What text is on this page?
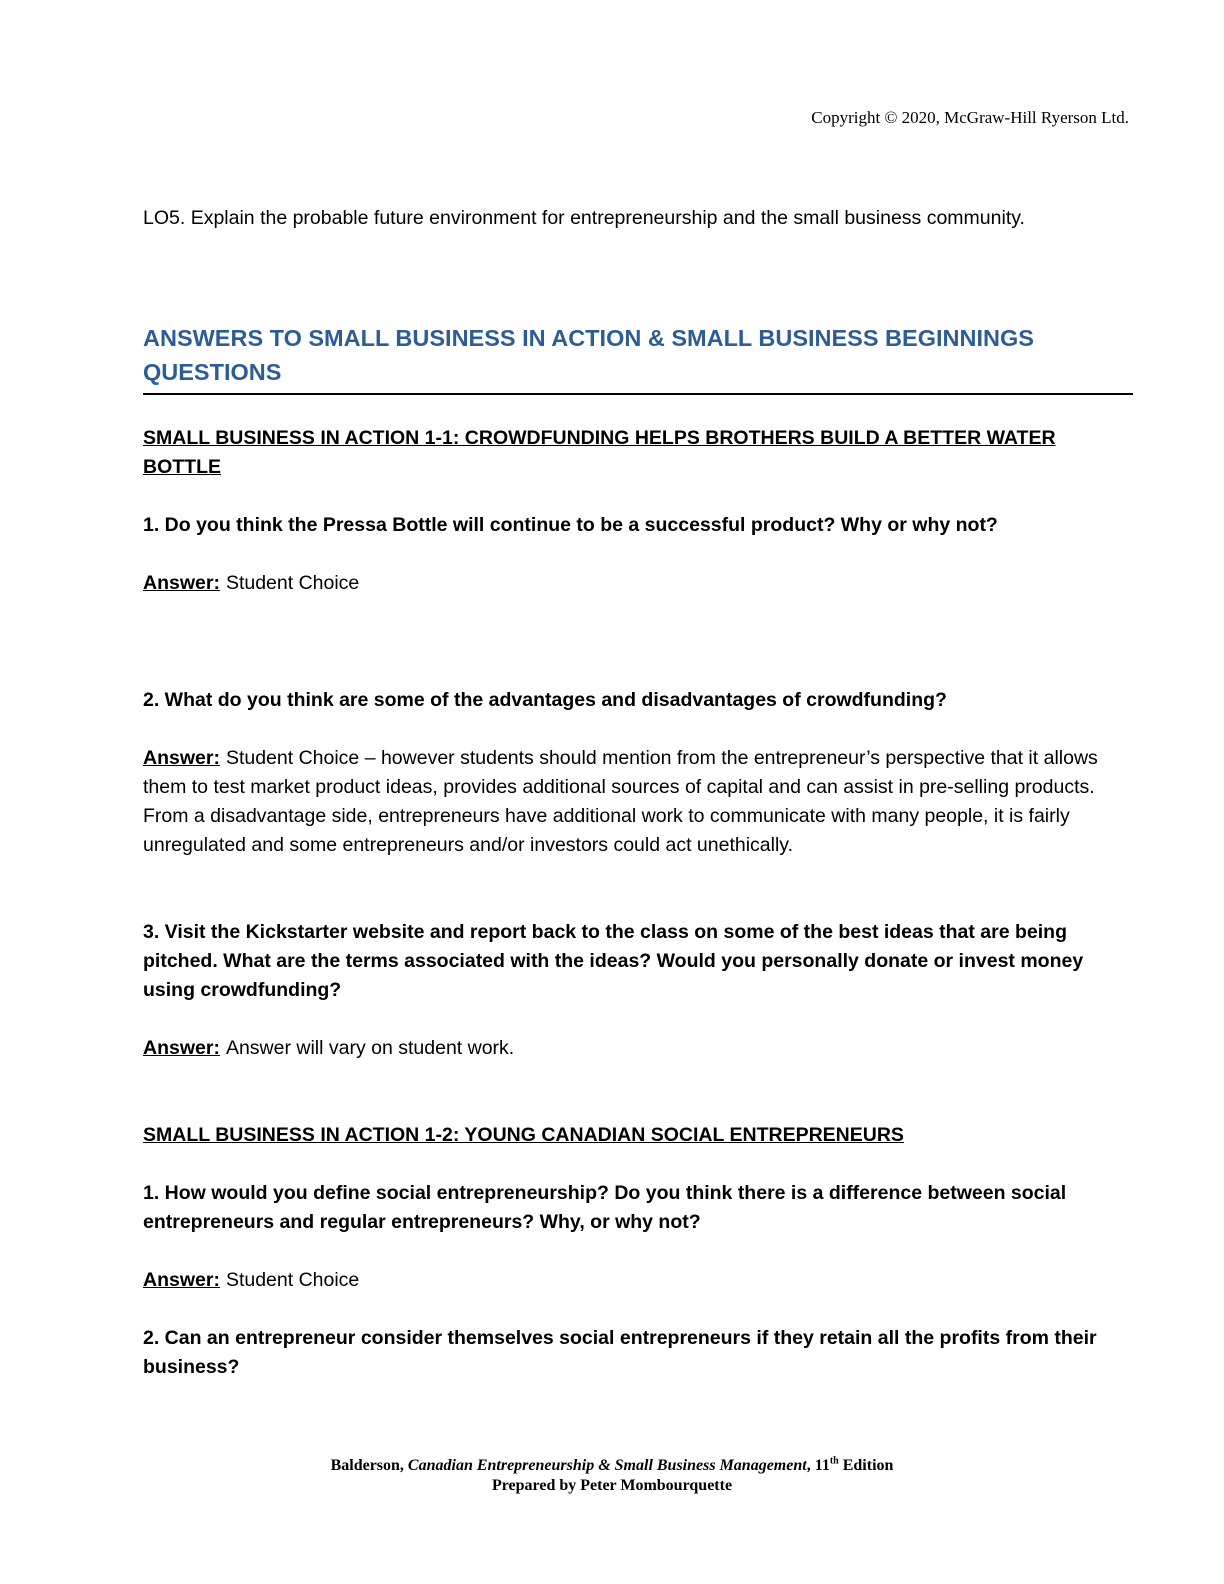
Copyright © 2020, McGraw-Hill Ryerson Ltd.

LO5. Explain the probable future environment for entrepreneurship and the small business community.

ANSWERS TO SMALL BUSINESS IN ACTION & SMALL BUSINESS BEGINNINGS QUESTIONS

SMALL BUSINESS IN ACTION 1-1: CROWDFUNDING HELPS BROTHERS BUILD A BETTER WATER BOTTLE

1. Do you think the Pressa Bottle will continue to be a successful product? Why or why not?

Answer: Student Choice

2. What do you think are some of the advantages and disadvantages of crowdfunding?

Answer: Student Choice – however students should mention from the entrepreneur’s perspective that it allows them to test market product ideas, provides additional sources of capital and can assist in pre-selling products. From a disadvantage side, entrepreneurs have additional work to communicate with many people, it is fairly unregulated and some entrepreneurs and/or investors could act unethically.

3. Visit the Kickstarter website and report back to the class on some of the best ideas that are being pitched. What are the terms associated with the ideas? Would you personally donate or invest money using crowdfunding?

Answer: Answer will vary on student work.

SMALL BUSINESS IN ACTION 1-2: YOUNG CANADIAN SOCIAL ENTREPRENEURS

1. How would you define social entrepreneurship? Do you think there is a difference between social entrepreneurs and regular entrepreneurs? Why, or why not?

Answer: Student Choice

2. Can an entrepreneur consider themselves social entrepreneurs if they retain all the profits from their business?

Balderson, Canadian Entrepreneurship & Small Business Management, 11th Edition
Prepared by Peter Mombourquette
